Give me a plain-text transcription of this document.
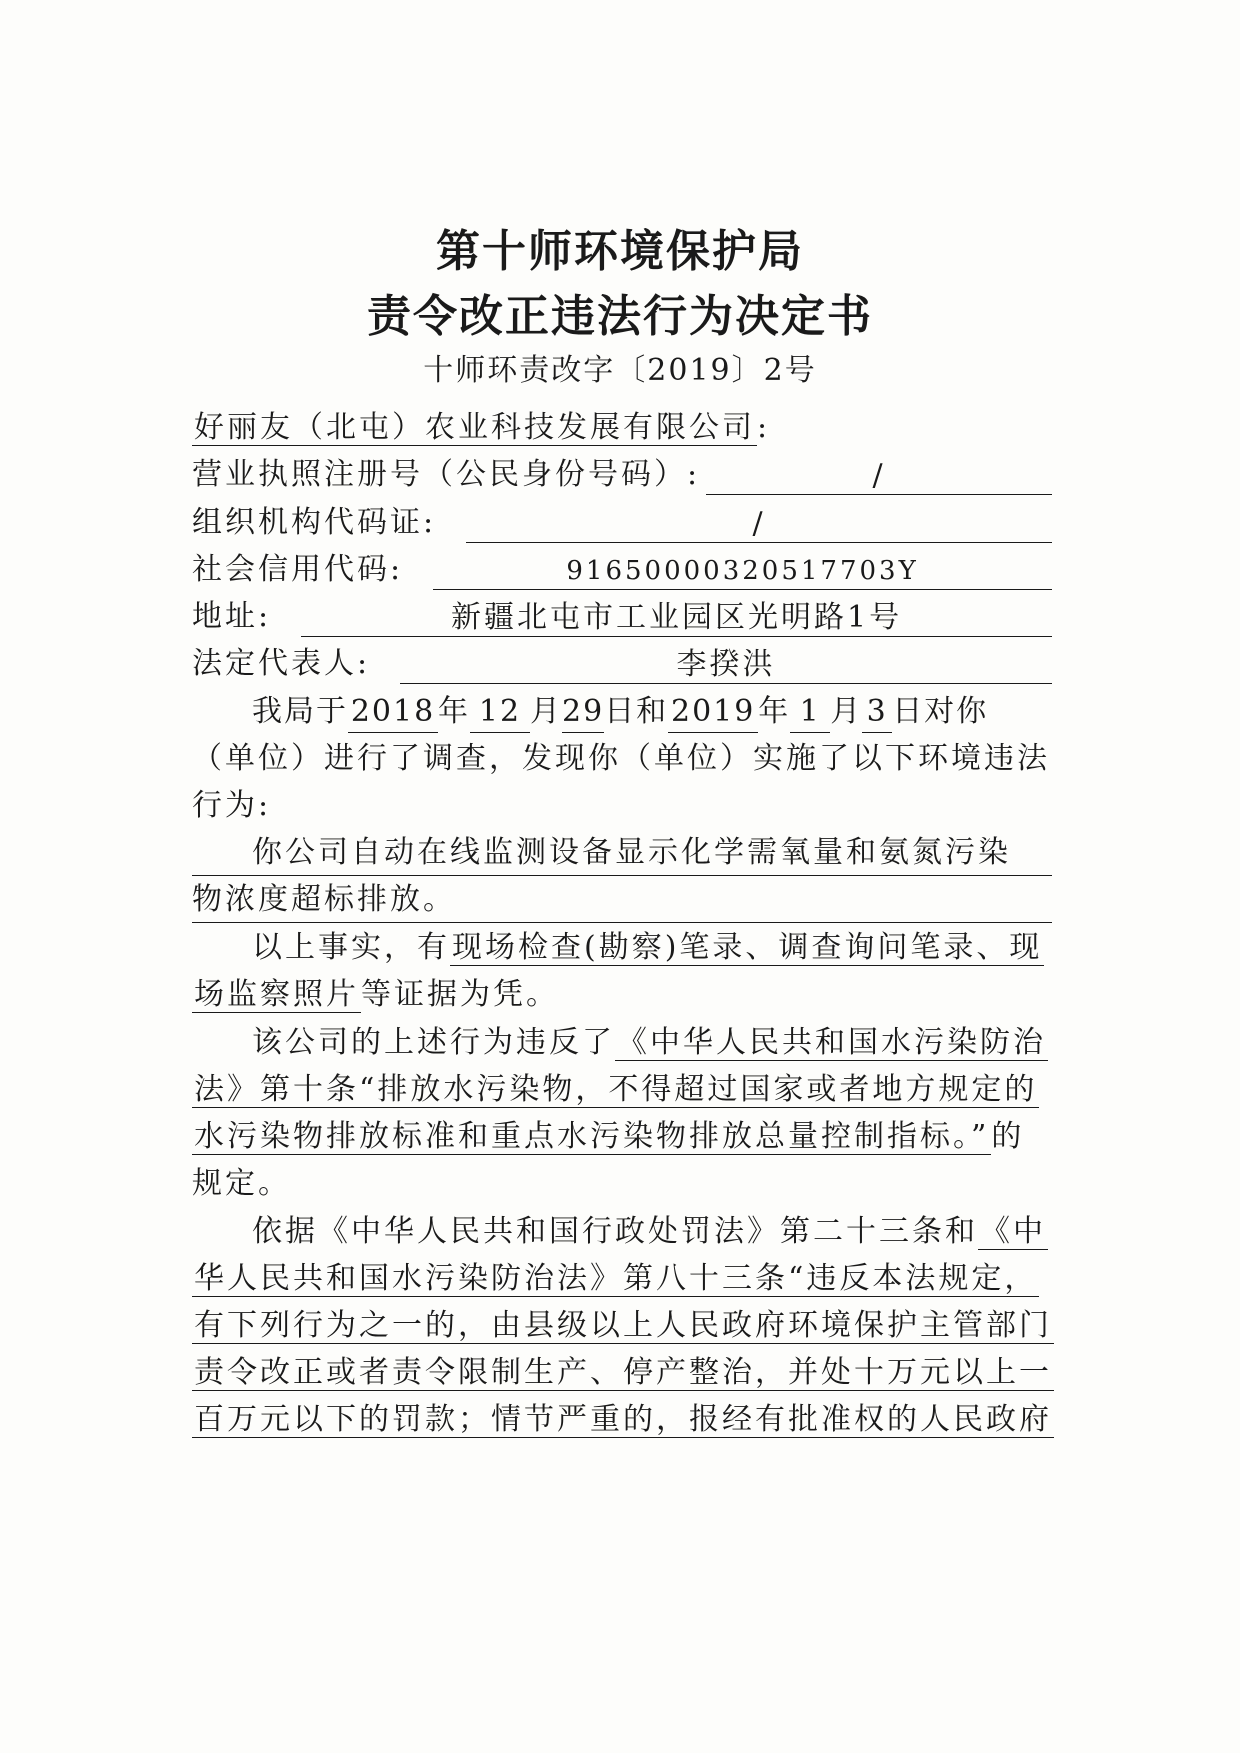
第十师环境保护局
责令改正违法行为决定书
十师环责改字〔2019〕2号
好丽友（北屯）农业科技发展有限公司:
营业执照注册号（公民身份号码）:	/
组织机构代码证:	/
社会信用代码:	91650000320517703Y
地址:	新疆北屯市工业园区光明路1号
法定代表人:	李揆洪
我局于2018年 12 月29日和2019年 1 月 3 日对你
（单位）进行了调查，发现你（单位）实施了以下环境违法
行为:
你公司自动在线监测设备显示化学需氧量和氨氮污染
物浓度超标排放。
以上事实，有现场检查(勘察)笔录、调查询问笔录、现
场监察照片等证据为凭。
该公司的上述行为违反了《中华人民共和国水污染防治
法》第十条“排放水污染物，不得超过国家或者地方规定的
水污染物排放标准和重点水污染物排放总量控制指标。”的
规定。
依据《中华人民共和国行政处罚法》第二十三条和《中
华人民共和国水污染防治法》第八十三条“违反本法规定，
有下列行为之一的，由县级以上人民政府环境保护主管部门
责令改正或者责令限制生产、停产整治，并处十万元以上一
百万元以下的罚款；情节严重的，报经有批准权的人民政府
